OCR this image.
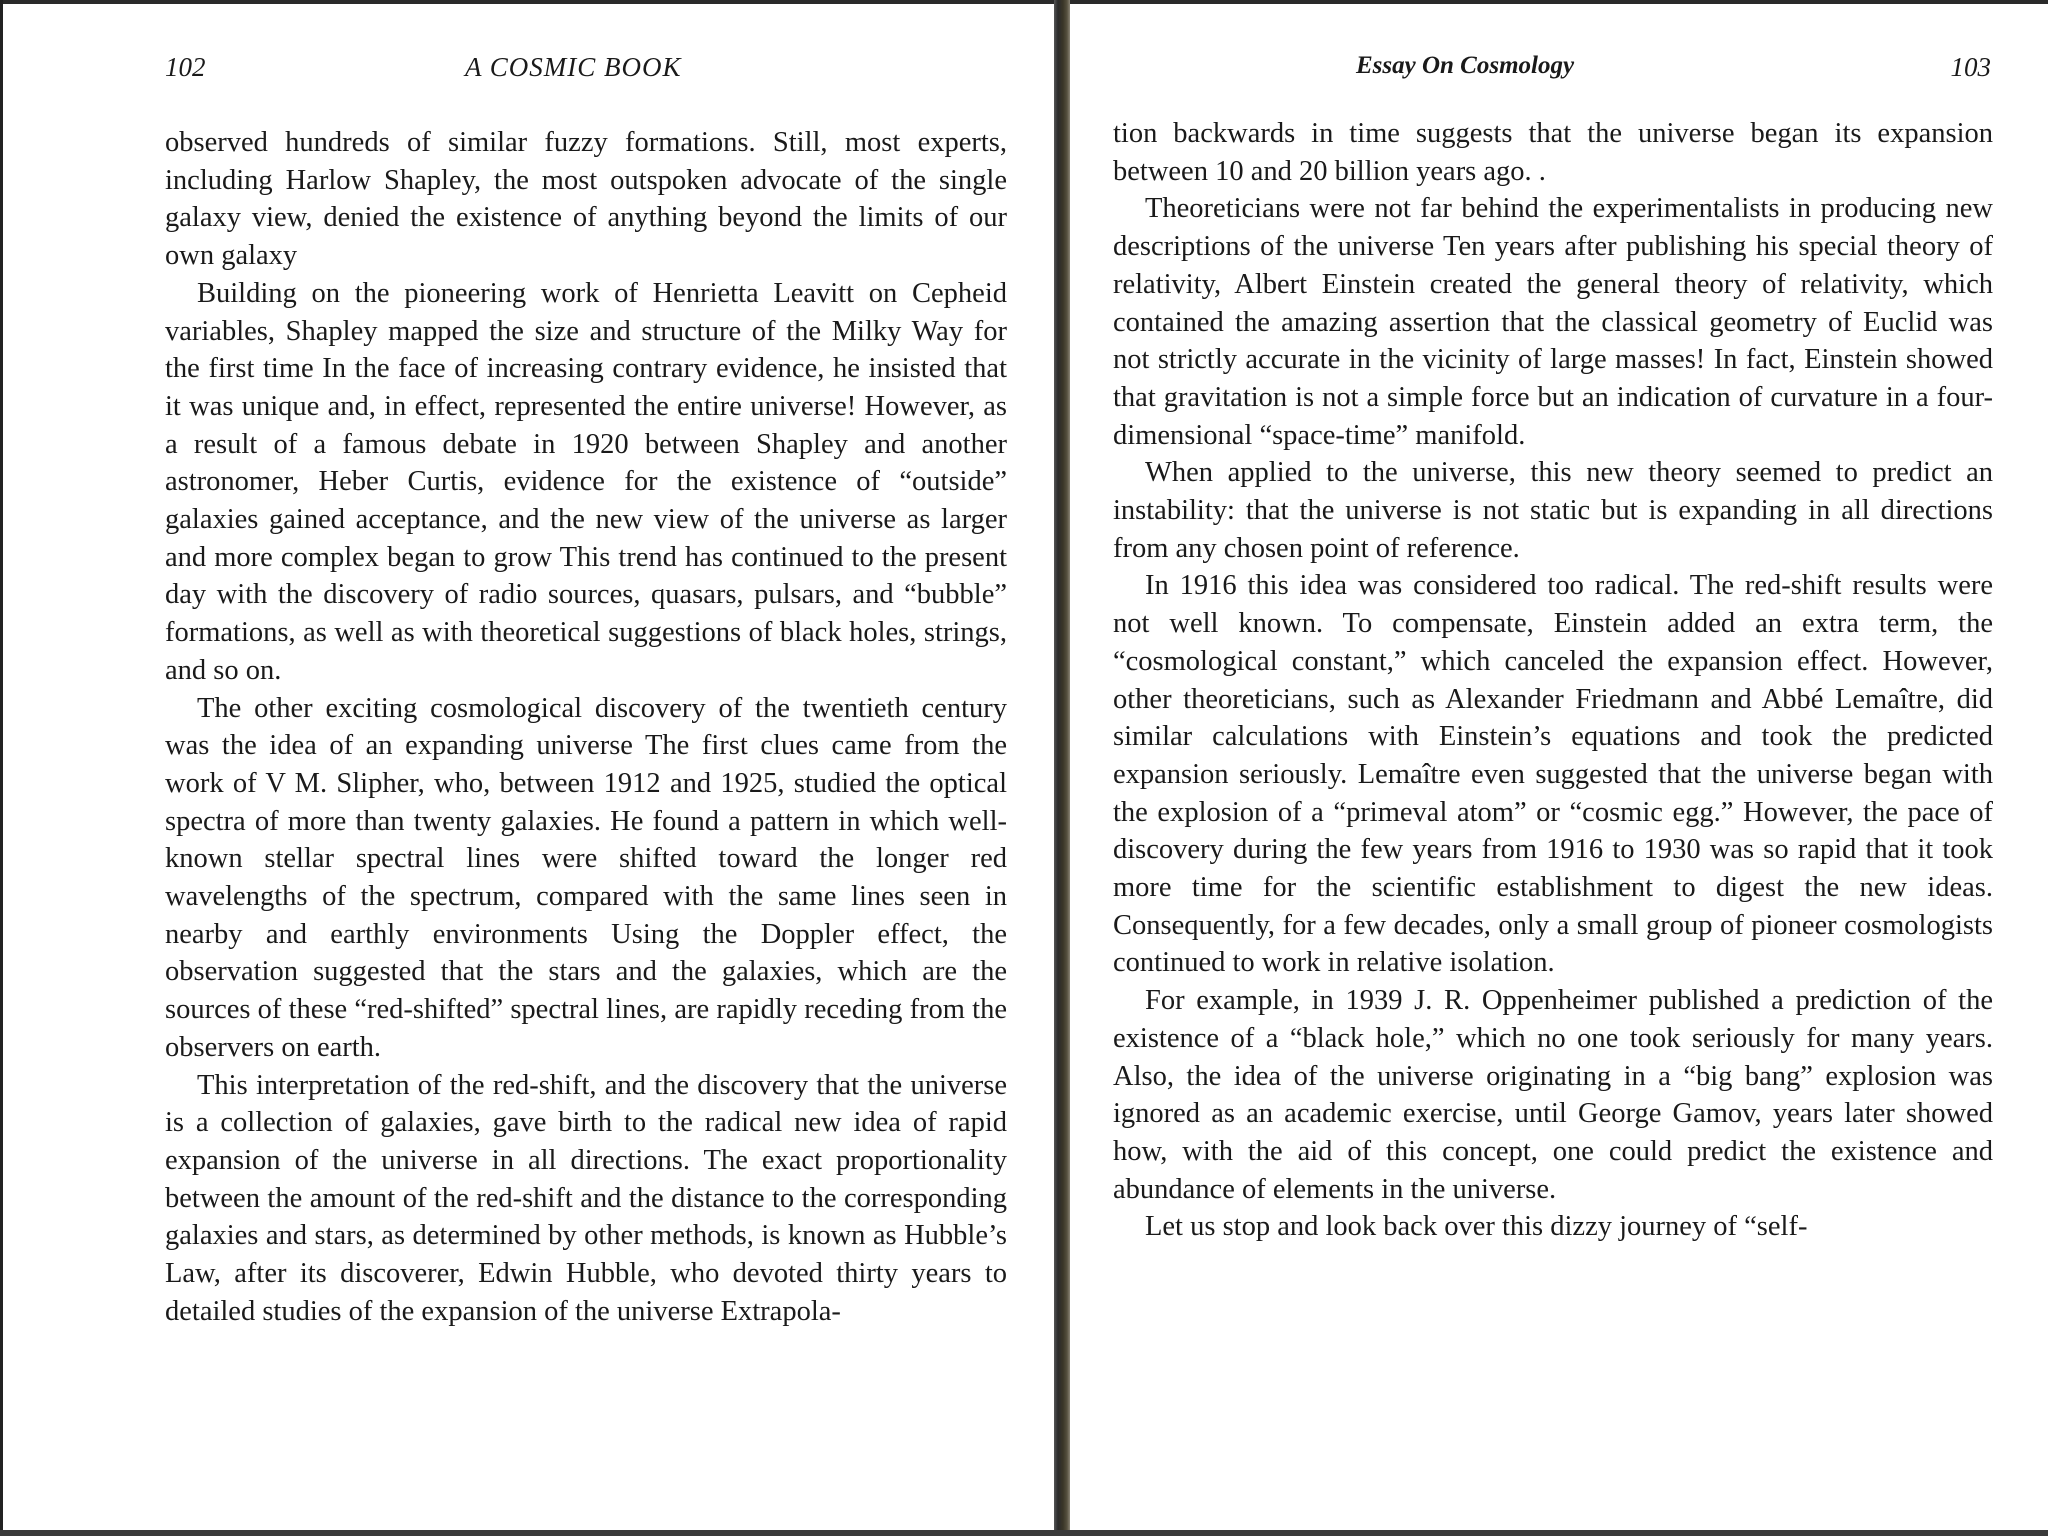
102	A COSMIC BOOK

observed hundreds of similar fuzzy formations. Still, most experts, including Harlow Shapley, the most outspoken advocate of the single galaxy view, denied the existence of anything beyond the limits of our own galaxy

Building on the pioneering work of Henrietta Leavitt on Cepheid variables, Shapley mapped the size and structure of the Milky Way for the first time In the face of increasing contrary evidence, he insisted that it was unique and, in effect, represented the entire universe! However, as a result of a famous debate in 1920 between Shapley and another astronomer, Heber Curtis, evidence for the existence of “outside” galaxies gained acceptance, and the new view of the universe as larger and more complex began to grow This trend has continued to the present day with the discovery of radio sources, quasars, pulsars, and “bubble” formations, as well as with theoretical suggestions of black holes, strings, and so on.

The other exciting cosmological discovery of the twentieth century was the idea of an expanding universe The first clues came from the work of V M. Slipher, who, between 1912 and 1925, studied the optical spectra of more than twenty galaxies. He found a pattern in which well-known stellar spectral lines were shifted toward the longer red wavelengths of the spectrum, compared with the same lines seen in nearby and earthly environments Using the Doppler effect, the observation suggested that the stars and the galaxies, which are the sources of these “red-shifted” spectral lines, are rapidly receding from the observers on earth.

This interpretation of the red-shift, and the discovery that the universe is a collection of galaxies, gave birth to the radical new idea of rapid expansion of the universe in all directions. The exact proportionality between the amount of the red-shift and the distance to the corresponding galaxies and stars, as determined by other methods, is known as Hubble’s Law, after its discoverer, Edwin Hubble, who devoted thirty years to detailed studies of the expansion of the universe Extrapola-

Essay On Cosmology	103

tion backwards in time suggests that the universe began its expansion between 10 and 20 billion years ago. .

Theoreticians were not far behind the experimentalists in producing new descriptions of the universe Ten years after publishing his special theory of relativity, Albert Einstein created the general theory of relativity, which contained the amazing assertion that the classical geometry of Euclid was not strictly accurate in the vicinity of large masses! In fact, Einstein showed that gravitation is not a simple force but an indication of curvature in a four-dimensional “space-time” manifold.

When applied to the universe, this new theory seemed to predict an instability: that the universe is not static but is expanding in all directions from any chosen point of reference.

In 1916 this idea was considered too radical. The red-shift results were not well known. To compensate, Einstein added an extra term, the “cosmological constant,” which canceled the expansion effect. However, other theoreticians, such as Alexander Friedmann and Abbé Lemaître, did similar calculations with Einstein’s equations and took the predicted expansion seriously. Lemaître even suggested that the universe began with the explosion of a “primeval atom” or “cosmic egg.” However, the pace of discovery during the few years from 1916 to 1930 was so rapid that it took more time for the scientific establishment to digest the new ideas. Consequently, for a few decades, only a small group of pioneer cosmologists continued to work in relative isolation.

For example, in 1939 J. R. Oppenheimer published a prediction of the existence of a “black hole,” which no one took seriously for many years. Also, the idea of the universe originating in a “big bang” explosion was ignored as an academic exercise, until George Gamov, years later showed how, with the aid of this concept, one could predict the existence and abundance of elements in the universe.

Let us stop and look back over this dizzy journey of “self-
